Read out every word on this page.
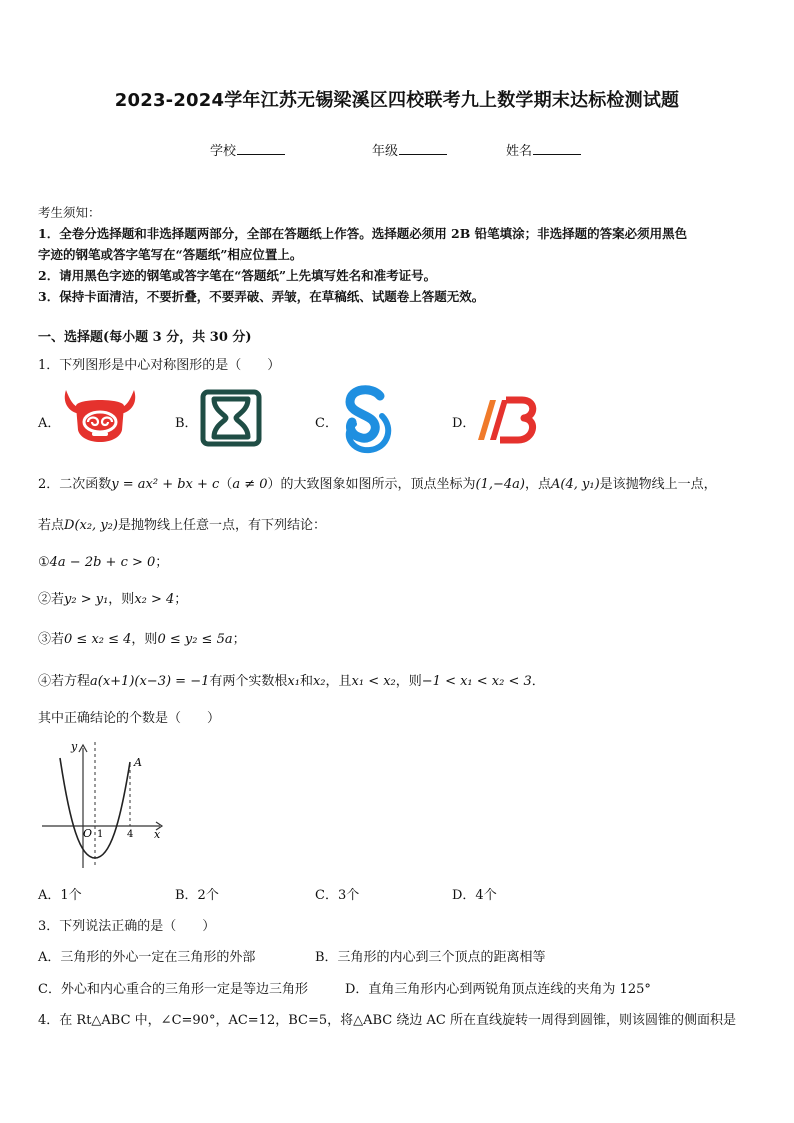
2023-2024学年江苏无锡梁溪区四校联考九上数学期末达标检测试题
学校	年级	姓名
考生须知：
1．全卷分选择题和非选择题两部分，全部在答题纸上作答。选择题必须用 2B 铅笔填涂；非选择题的答案必须用黑色
字迹的钢笔或答字笔写在“答题纸”相应位置上。
2．请用黑色字迹的钢笔或答字笔在“答题纸”上先填写姓名和准考证号。
3．保持卡面清洁，不要折叠，不要弄破、弄皱，在草稿纸、试题卷上答题无效。
一、选择题(每小题 3 分，共 30 分)
1．下列图形是中心对称图形的是（　　）
A．	B．	C．	D．
2．二次函数y = ax² + bx + c（a ≠ 0）的大致图象如图所示，顶点坐标为(1,−4a)，点A(4, y₁)是该抛物线上一点，
若点D(x₂, y₂)是抛物线上任意一点，有下列结论：
①4a − 2b + c > 0；
②若y₂ > y₁，则x₂ > 4；
③若0 ≤ x₂ ≤ 4，则0 ≤ y₂ ≤ 5a；
④若方程a(x+1)(x−3) = −1有两个实数根x₁和x₂，且x₁ < x₂，则−1 < x₁ < x₂ < 3．
其中正确结论的个数是（　　）
y
x
O 1 4
A
A．1个	B．2个	C．3个	D．4个
3．下列说法正确的是（　　）
A．三角形的外心一定在三角形的外部	B．三角形的内心到三个顶点的距离相等
C．外心和内心重合的三角形一定是等边三角形	D．直角三角形内心到两锐角顶点连线的夹角为 125°
4．在 Rt△ABC 中，∠C=90°，AC=12，BC=5，将△ABC 绕边 AC 所在直线旋转一周得到圆锥，则该圆锥的侧面积是
